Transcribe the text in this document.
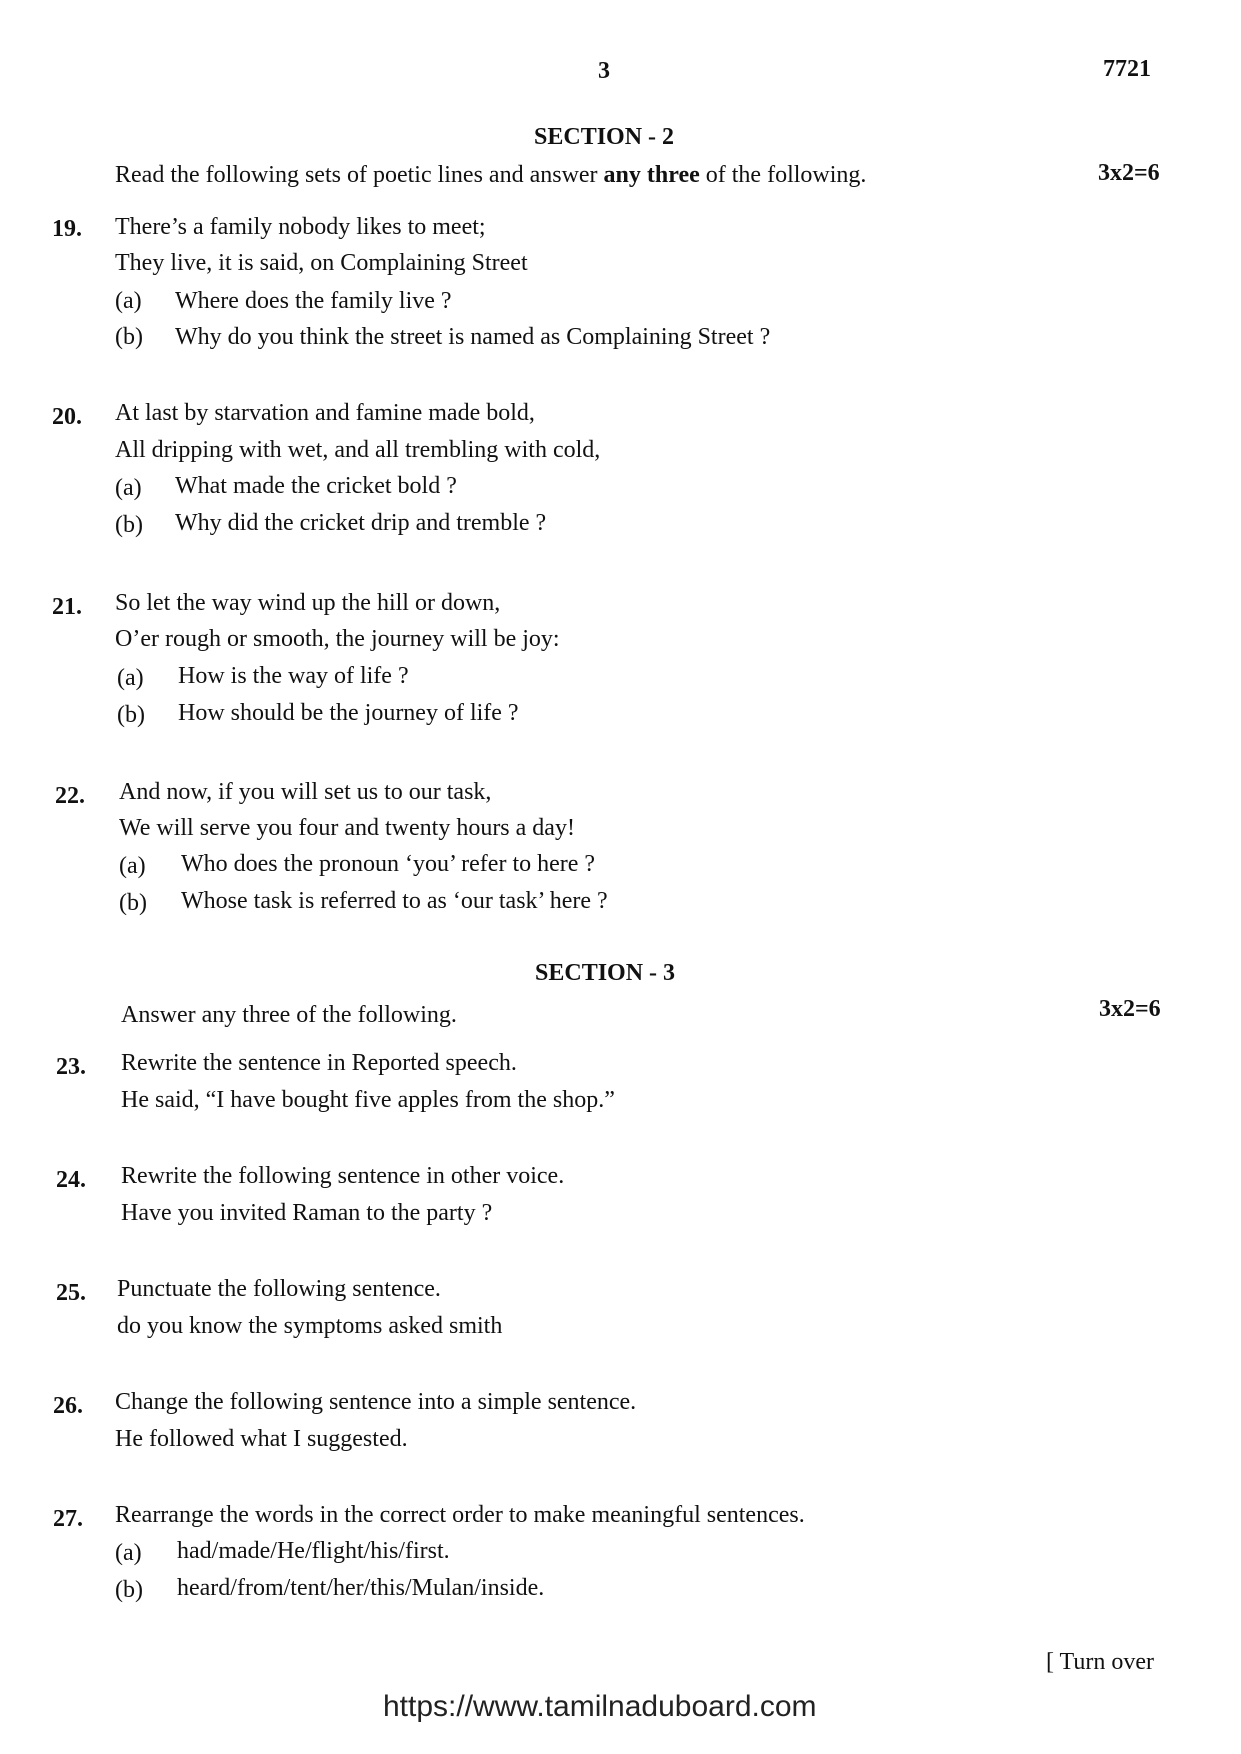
3	7721
SECTION - 2
Read the following sets of poetic lines and answer any three of the following.	3x2=6
19. There’s a family nobody likes to meet;
They live, it is said, on Complaining Street
(a) Where does the family live ?
(b) Why do you think the street is named as Complaining Street ?
20. At last by starvation and famine made bold,
All dripping with wet, and all trembling with cold,
(a) What made the cricket bold ?
(b) Why did the cricket drip and tremble ?
21. So let the way wind up the hill or down,
O’er rough or smooth, the journey will be joy:
(a) How is the way of life ?
(b) How should be the journey of life ?
22. And now, if you will set us to our task,
We will serve you four and twenty hours a day!
(a) Who does the pronoun ‘you’ refer to here ?
(b) Whose task is referred to as ‘our task’ here ?
SECTION - 3
Answer any three of the following.	3x2=6
23. Rewrite the sentence in Reported speech.
He said, “I have bought five apples from the shop.”
24. Rewrite the following sentence in other voice.
Have you invited Raman to the party ?
25. Punctuate the following sentence.
do you know the symptoms asked smith
26. Change the following sentence into a simple sentence.
He followed what I suggested.
27. Rearrange the words in the correct order to make meaningful sentences.
(a) had/made/He/flight/his/first.
(b) heard/from/tent/her/this/Mulan/inside.
[ Turn over
https://www.tamilnaduboard.com
